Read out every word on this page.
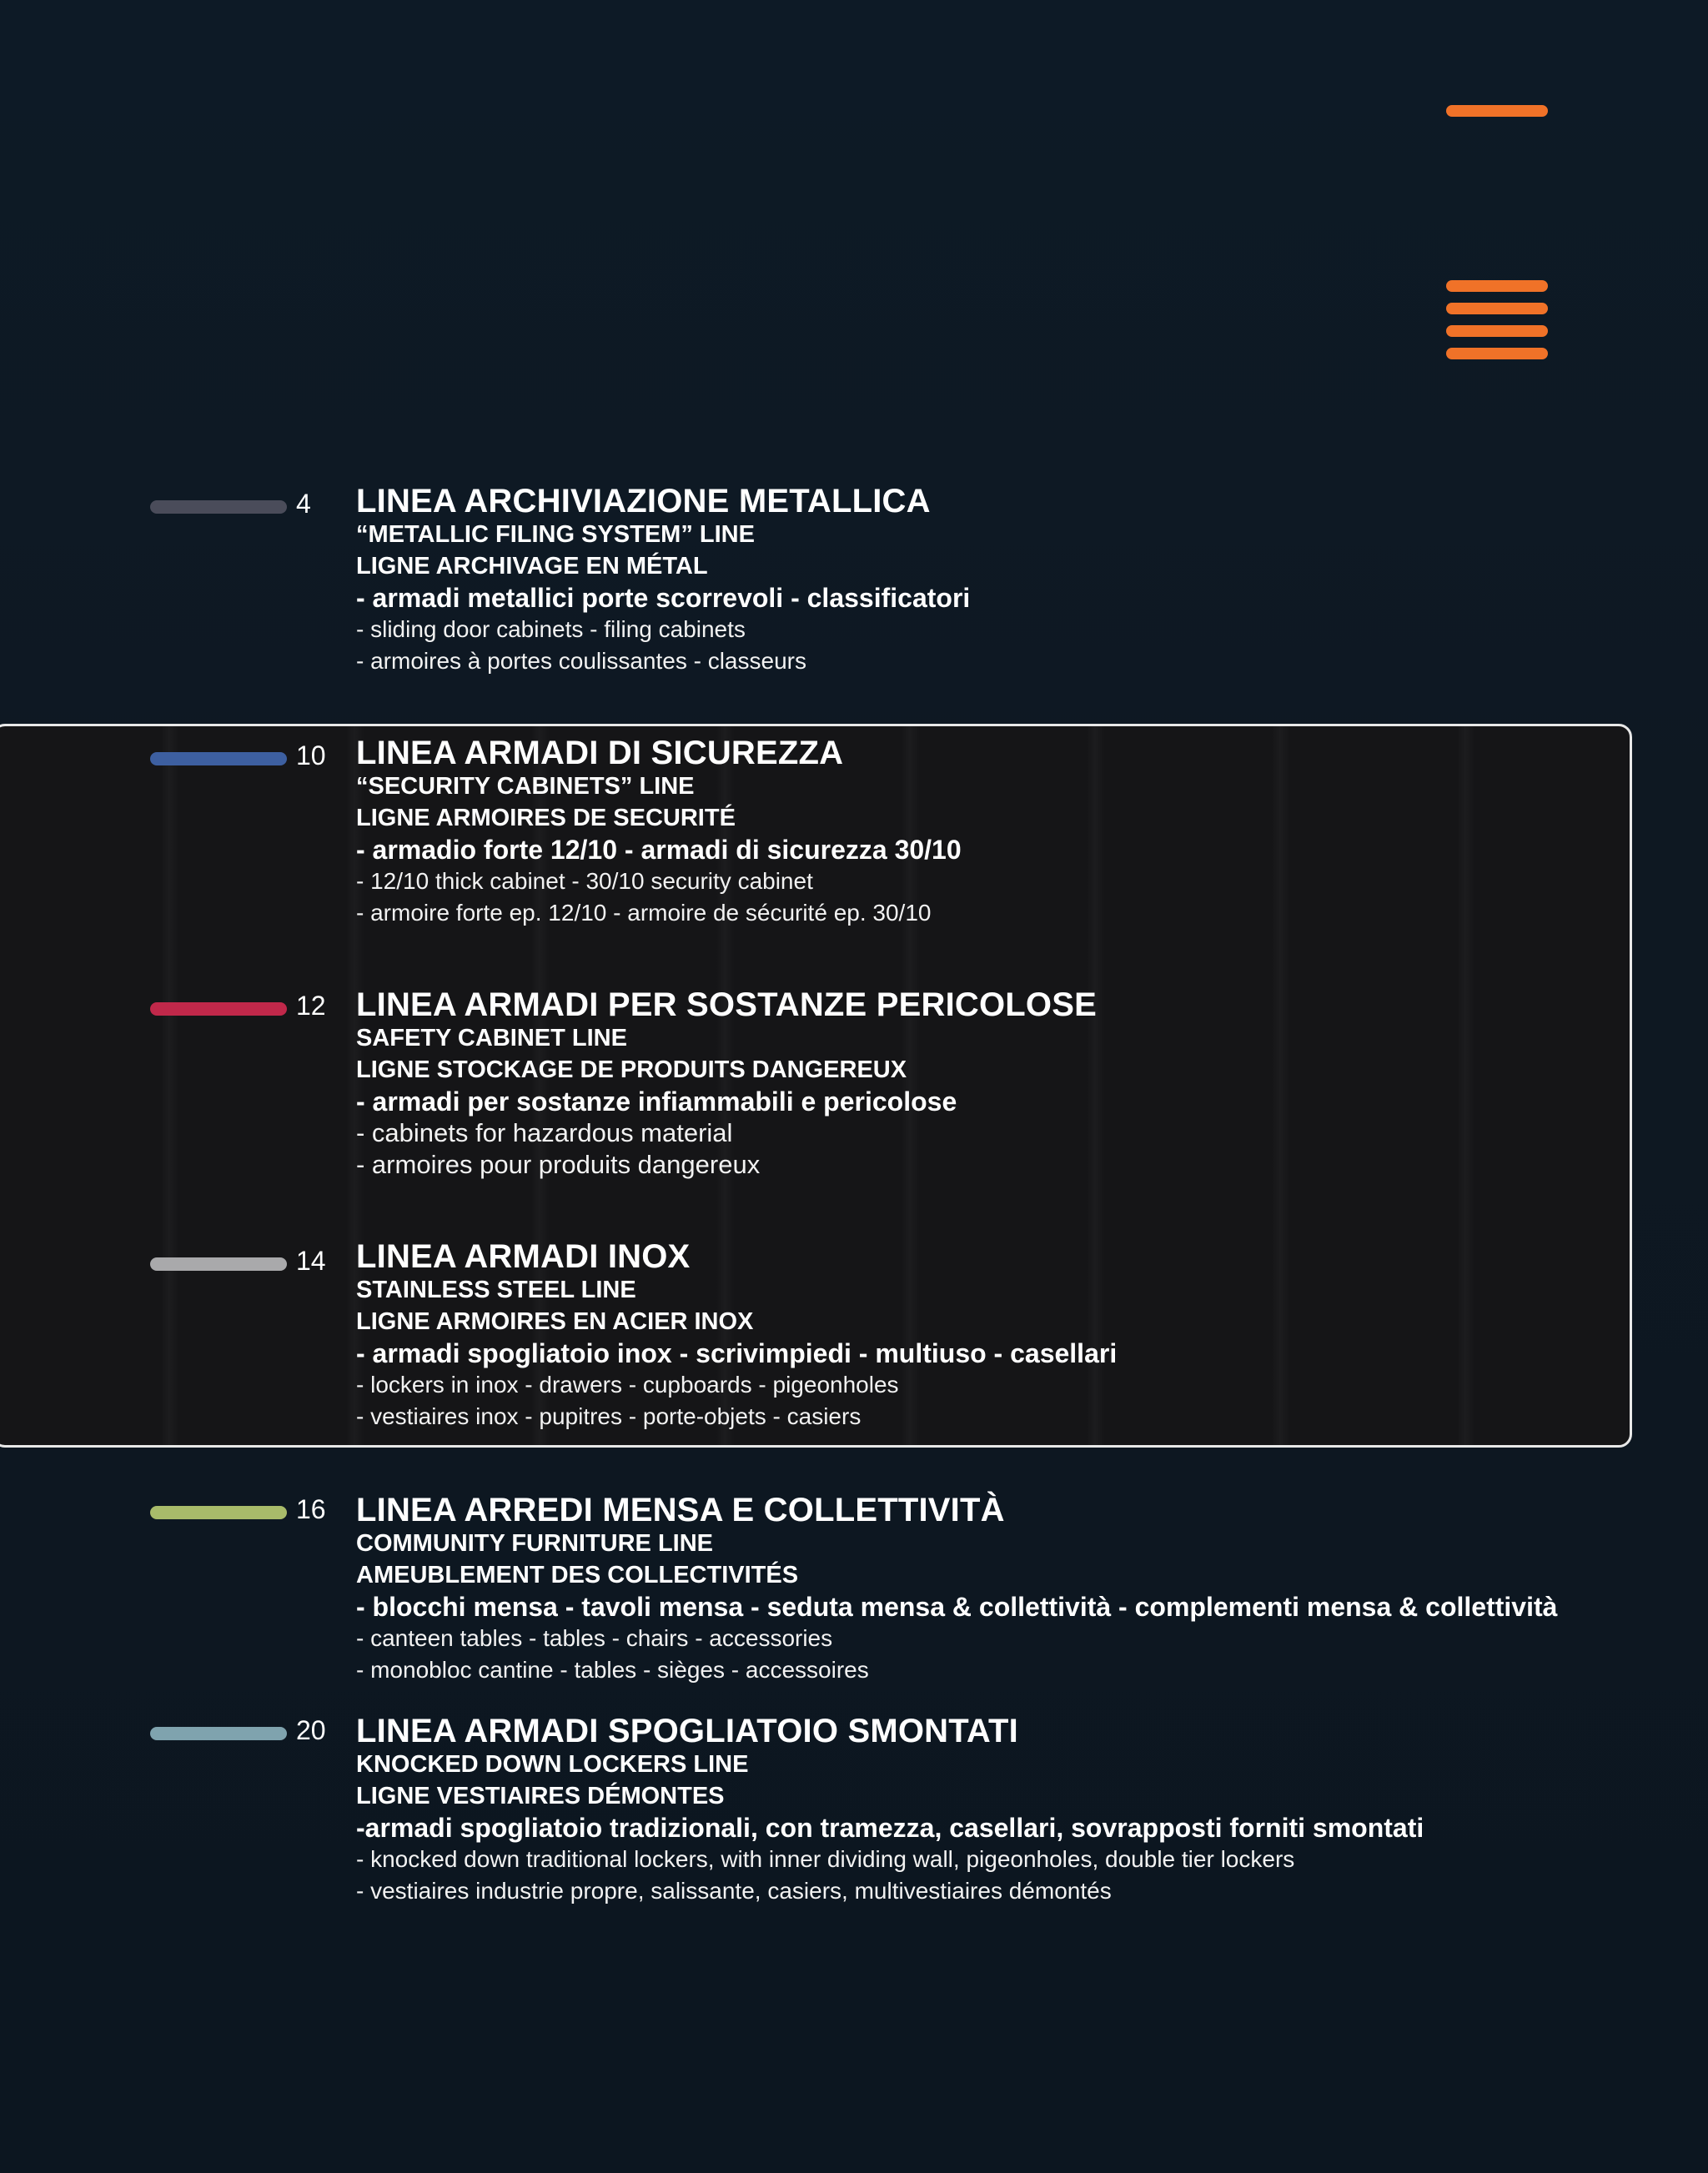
4 LINEA ARCHIVIAZIONE METALLICA
“METALLIC FILING SYSTEM” LINE
LIGNE ARCHIVAGE EN MÉTAL
- armadi metallici porte scorrevoli - classificatori
- sliding door cabinets - filing cabinets
- armoires à portes coulissantes - classeurs
10 LINEA ARMADI DI SICUREZZA
“SECURITY CABINETS” LINE
LIGNE ARMOIRES DE SECURITÉ
- armadio forte 12/10 - armadi di sicurezza 30/10
- 12/10 thick cabinet - 30/10 security cabinet
- armoire forte ep. 12/10 - armoire de sécurité ep. 30/10
12 LINEA ARMADI PER SOSTANZE PERICOLOSE
SAFETY CABINET LINE
LIGNE STOCKAGE DE PRODUITS DANGEREUX
- armadi per sostanze infiammabili e pericolose
- cabinets for hazardous material
- armoires pour produits dangereux
14 LINEA ARMADI INOX
STAINLESS STEEL LINE
LIGNE ARMOIRES EN ACIER INOX
- armadi spogliatoio inox - scrivimpiedi - multiuso - casellari
- lockers in inox - drawers - cupboards - pigeonholes
- vestiaires inox - pupitres - porte-objets - casiers
16 LINEA ARREDI MENSA E COLLETTIVITÀ
COMMUNITY FURNITURE LINE
AMEUBLEMENT DES COLLECTIVITÉS
- blocchi mensa - tavoli mensa - seduta mensa & collettività - complementi mensa & collettività
- canteen tables - tables - chairs - accessories
- monobloc cantine - tables - sièges - accessoires
20 LINEA ARMADI SPOGLIATOIO SMONTATI
KNOCKED DOWN LOCKERS LINE
LIGNE VESTIAIRES DÉMONTES
-armadi spogliatoio tradizionali, con tramezza, casellari, sovrapposti forniti smontati
- knocked down traditional lockers, with inner dividing wall, pigeonholes, double tier lockers
- vestiaires industrie propre, salissante, casiers, multivestiaires démontés
